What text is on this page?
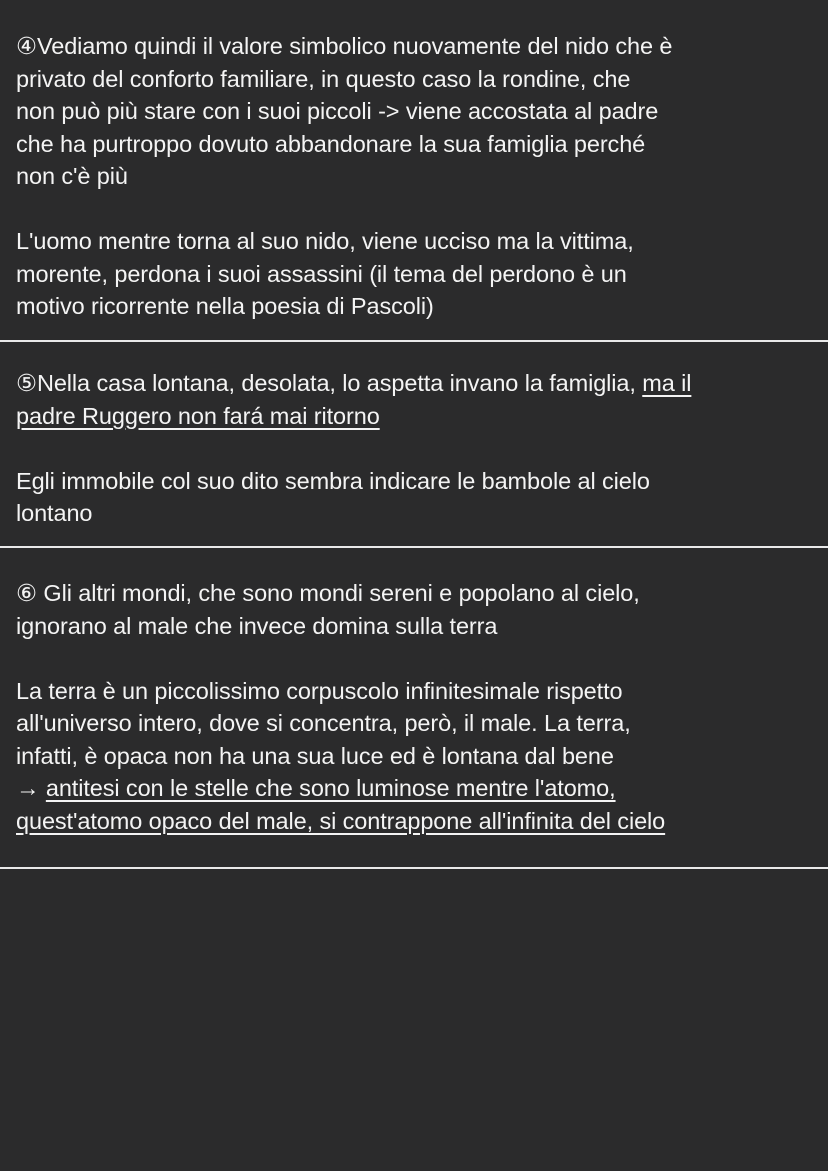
④Vediamo quindi il valore simbolico nuovamente del nido che è
privato del conforto familiare, in questo caso la rondine, che
non può più stare con i suoi piccoli -> viene accostata al padre
che ha purtroppo dovuto abbandonare la sua famiglia perché
non c'è più
L'uomo mentre torna al suo nido, viene ucciso ma la vittima,
morente, perdona i suoi assassini (il tema del perdono è un
motivo ricorrente nella poesia di Pascoli)
⑤Nella casa lontana, desolata, lo aspetta invano la famiglia, ma il
padre Ruggero non fará mai ritorno
Egli immobile col suo dito sembra indicare le bambole al cielo
lontano
⑥ Gli altri mondi, che sono mondi sereni e popolano al cielo,
ignorano al male che invece domina sulla terra
La terra è un piccolissimo corpuscolo infinitesimale rispetto
all'universo intero, dove si concentra, però, il male. La terra,
infatti, è opaca non ha una sua luce ed è lontana dal bene
→ antitesi con le stelle che sono luminose mentre l'atomo,
quest'atomo opaco del male, si contrappone all'infinita del cielo
